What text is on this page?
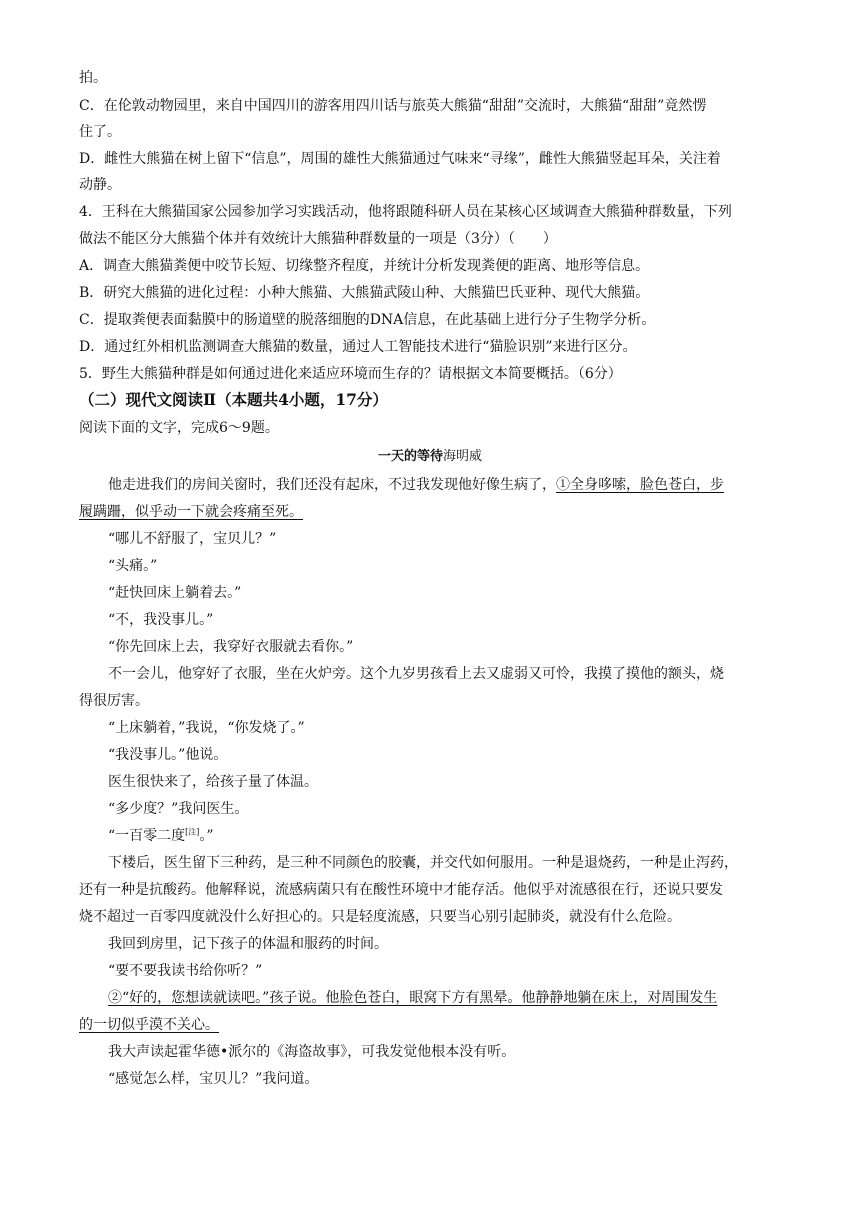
拍。
C．在伦敦动物园里，来自中国四川的游客用四川话与旅英大熊猫“甜甜”交流时，大熊猫“甜甜”竟然愣
住了。
D．雌性大熊猫在树上留下“信息”，周围的雄性大熊猫通过气味来“寻缘”，雌性大熊猫竖起耳朵，关注着
动静。
4．王科在大熊猫国家公园参加学习实践活动，他将跟随科研人员在某核心区域调查大熊猫种群数量，下列
做法不能区分大熊猫个体并有效统计大熊猫种群数量的一项是（3分）（　　）
A．调查大熊猫粪便中咬节长短、切缘整齐程度，并统计分析发现粪便的距离、地形等信息。
B．研究大熊猫的进化过程：小种大熊猫、大熊猫武陵山种、大熊猫巴氏亚种、现代大熊猫。
C．提取粪便表面黏膜中的肠道壁的脱落细胞的DNA信息，在此基础上进行分子生物学分析。
D．通过红外相机监测调查大熊猫的数量，通过人工智能技术进行“猫脸识别”来进行区分。
5．野生大熊猫种群是如何通过进化来适应环境而生存的？请根据文本简要概括。（6分）
（二）现代文阅读Ⅱ（本题共4小题，17分）
阅读下面的文字，完成6～9题。
一天的等待海明威
他走进我们的房间关窗时，我们还没有起床，不过我发现他好像生病了，①全身哆嗦，脸色苍白，步
履蹒跚，似乎动一下就会疼痛至死。
“哪儿不舒服了，宝贝儿？”
“头痛。”
“赶快回床上躺着去。”
“不，我没事儿。”
“你先回床上去，我穿好衣服就去看你。”
不一会儿，他穿好了衣服，坐在火炉旁。这个九岁男孩看上去又虚弱又可怜，我摸了摸他的额头，烧
得很厉害。
“上床躺着，”我说，“你发烧了。”
“我没事儿。”他说。
医生很快来了，给孩子量了体温。
“多少度？”我问医生。
“一百零二度[注]。”
下楼后，医生留下三种药，是三种不同颜色的胶囊，并交代如何服用。一种是退烧药，一种是止泻药，
还有一种是抗酸药。他解释说，流感病菌只有在酸性环境中才能存活。他似乎对流感很在行，还说只要发
烧不超过一百零四度就没什么好担心的。只是轻度流感，只要当心别引起肺炎，就没有什么危险。
我回到房里，记下孩子的体温和服药的时间。
“要不要我读书给你听？”
②“好的，您想读就读吧。”孩子说。他脸色苍白，眼窝下方有黑晕。他静静地躺在床上，对周围发生
的一切似乎漠不关心。
我大声读起霍华德•派尔的《海盗故事》，可我发觉他根本没有听。
“感觉怎么样，宝贝儿？”我问道。
